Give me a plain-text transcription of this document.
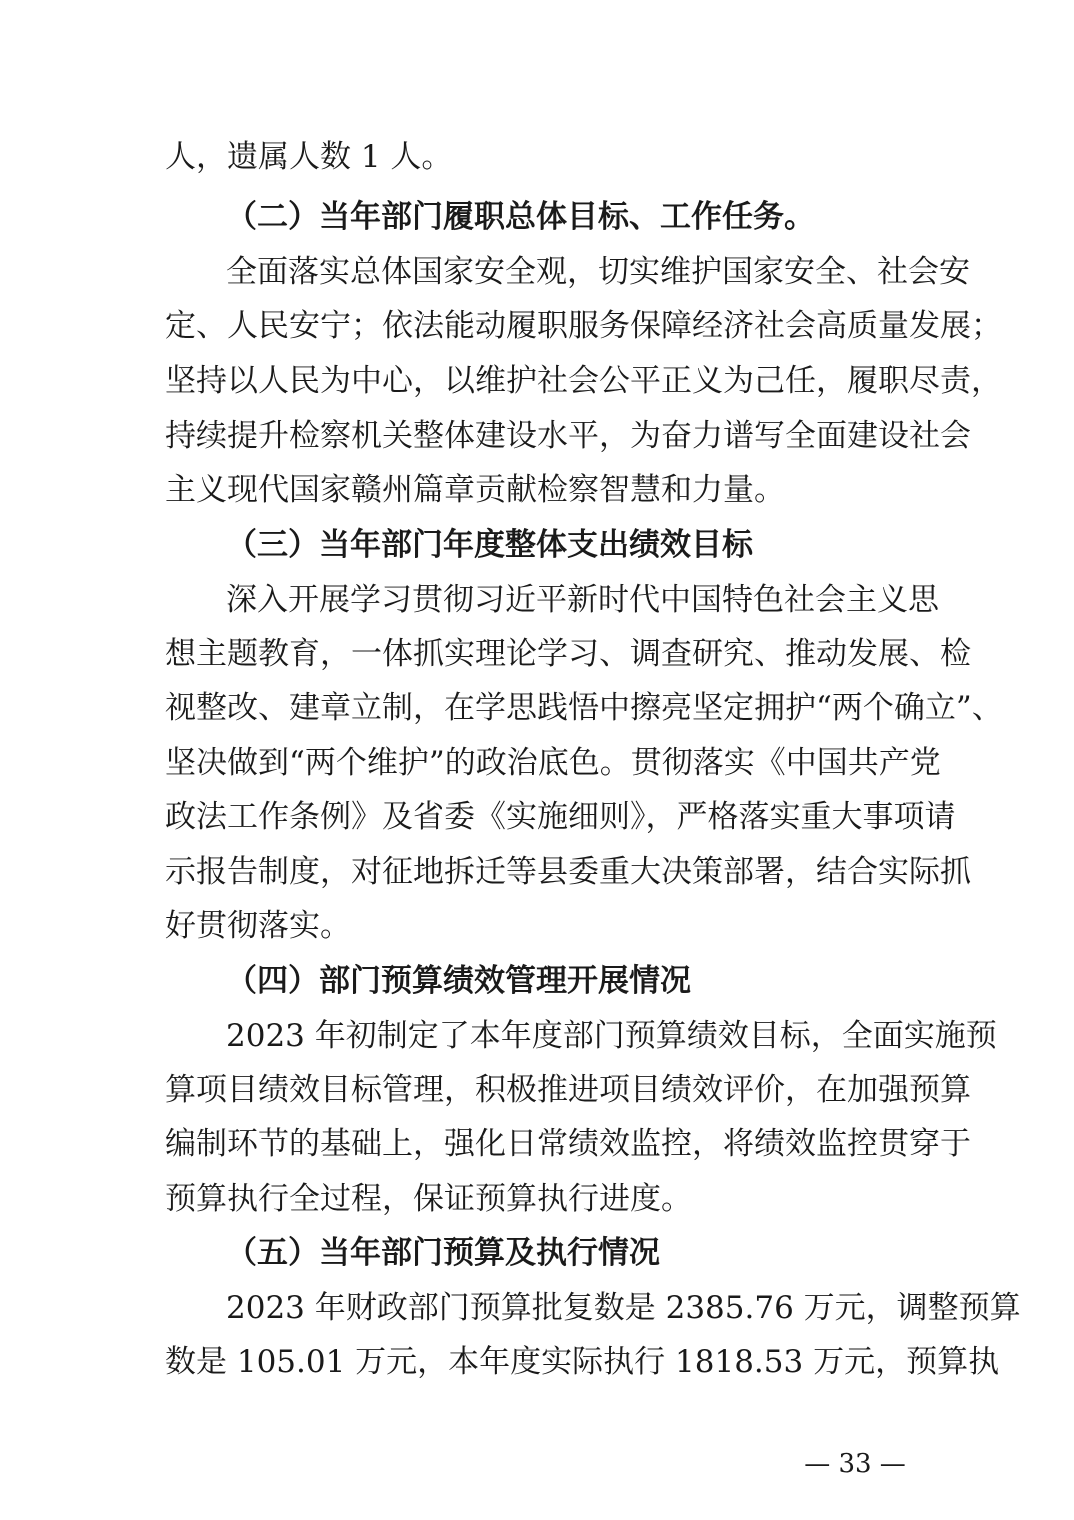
人，遗属人数 1 人。
（二）当年部门履职总体目标、工作任务。
全面落实总体国家安全观，切实维护国家安全、社会安
定、人民安宁；依法能动履职服务保障经济社会高质量发展；
坚持以人民为中心，以维护社会公平正义为己任，履职尽责，
持续提升检察机关整体建设水平，为奋力谱写全面建设社会
主义现代国家赣州篇章贡献检察智慧和力量。
（三）当年部门年度整体支出绩效目标
深入开展学习贯彻习近平新时代中国特色社会主义思
想主题教育，一体抓实理论学习、调查研究、推动发展、检
视整改、建章立制，在学思践悟中擦亮坚定拥护“两个确立”、
坚决做到“两个维护”的政治底色。贯彻落实《中国共产党
政法工作条例》及省委《实施细则》，严格落实重大事项请
示报告制度，对征地拆迁等县委重大决策部署，结合实际抓
好贯彻落实。
（四）部门预算绩效管理开展情况
2023 年初制定了本年度部门预算绩效目标，全面实施预
算项目绩效目标管理，积极推进项目绩效评价，在加强预算
编制环节的基础上，强化日常绩效监控，将绩效监控贯穿于
预算执行全过程，保证预算执行进度。
（五）当年部门预算及执行情况
2023 年财政部门预算批复数是 2385.76 万元，调整预算
数是 105.01 万元，本年度实际执行 1818.53 万元，预算执
— 33 —
